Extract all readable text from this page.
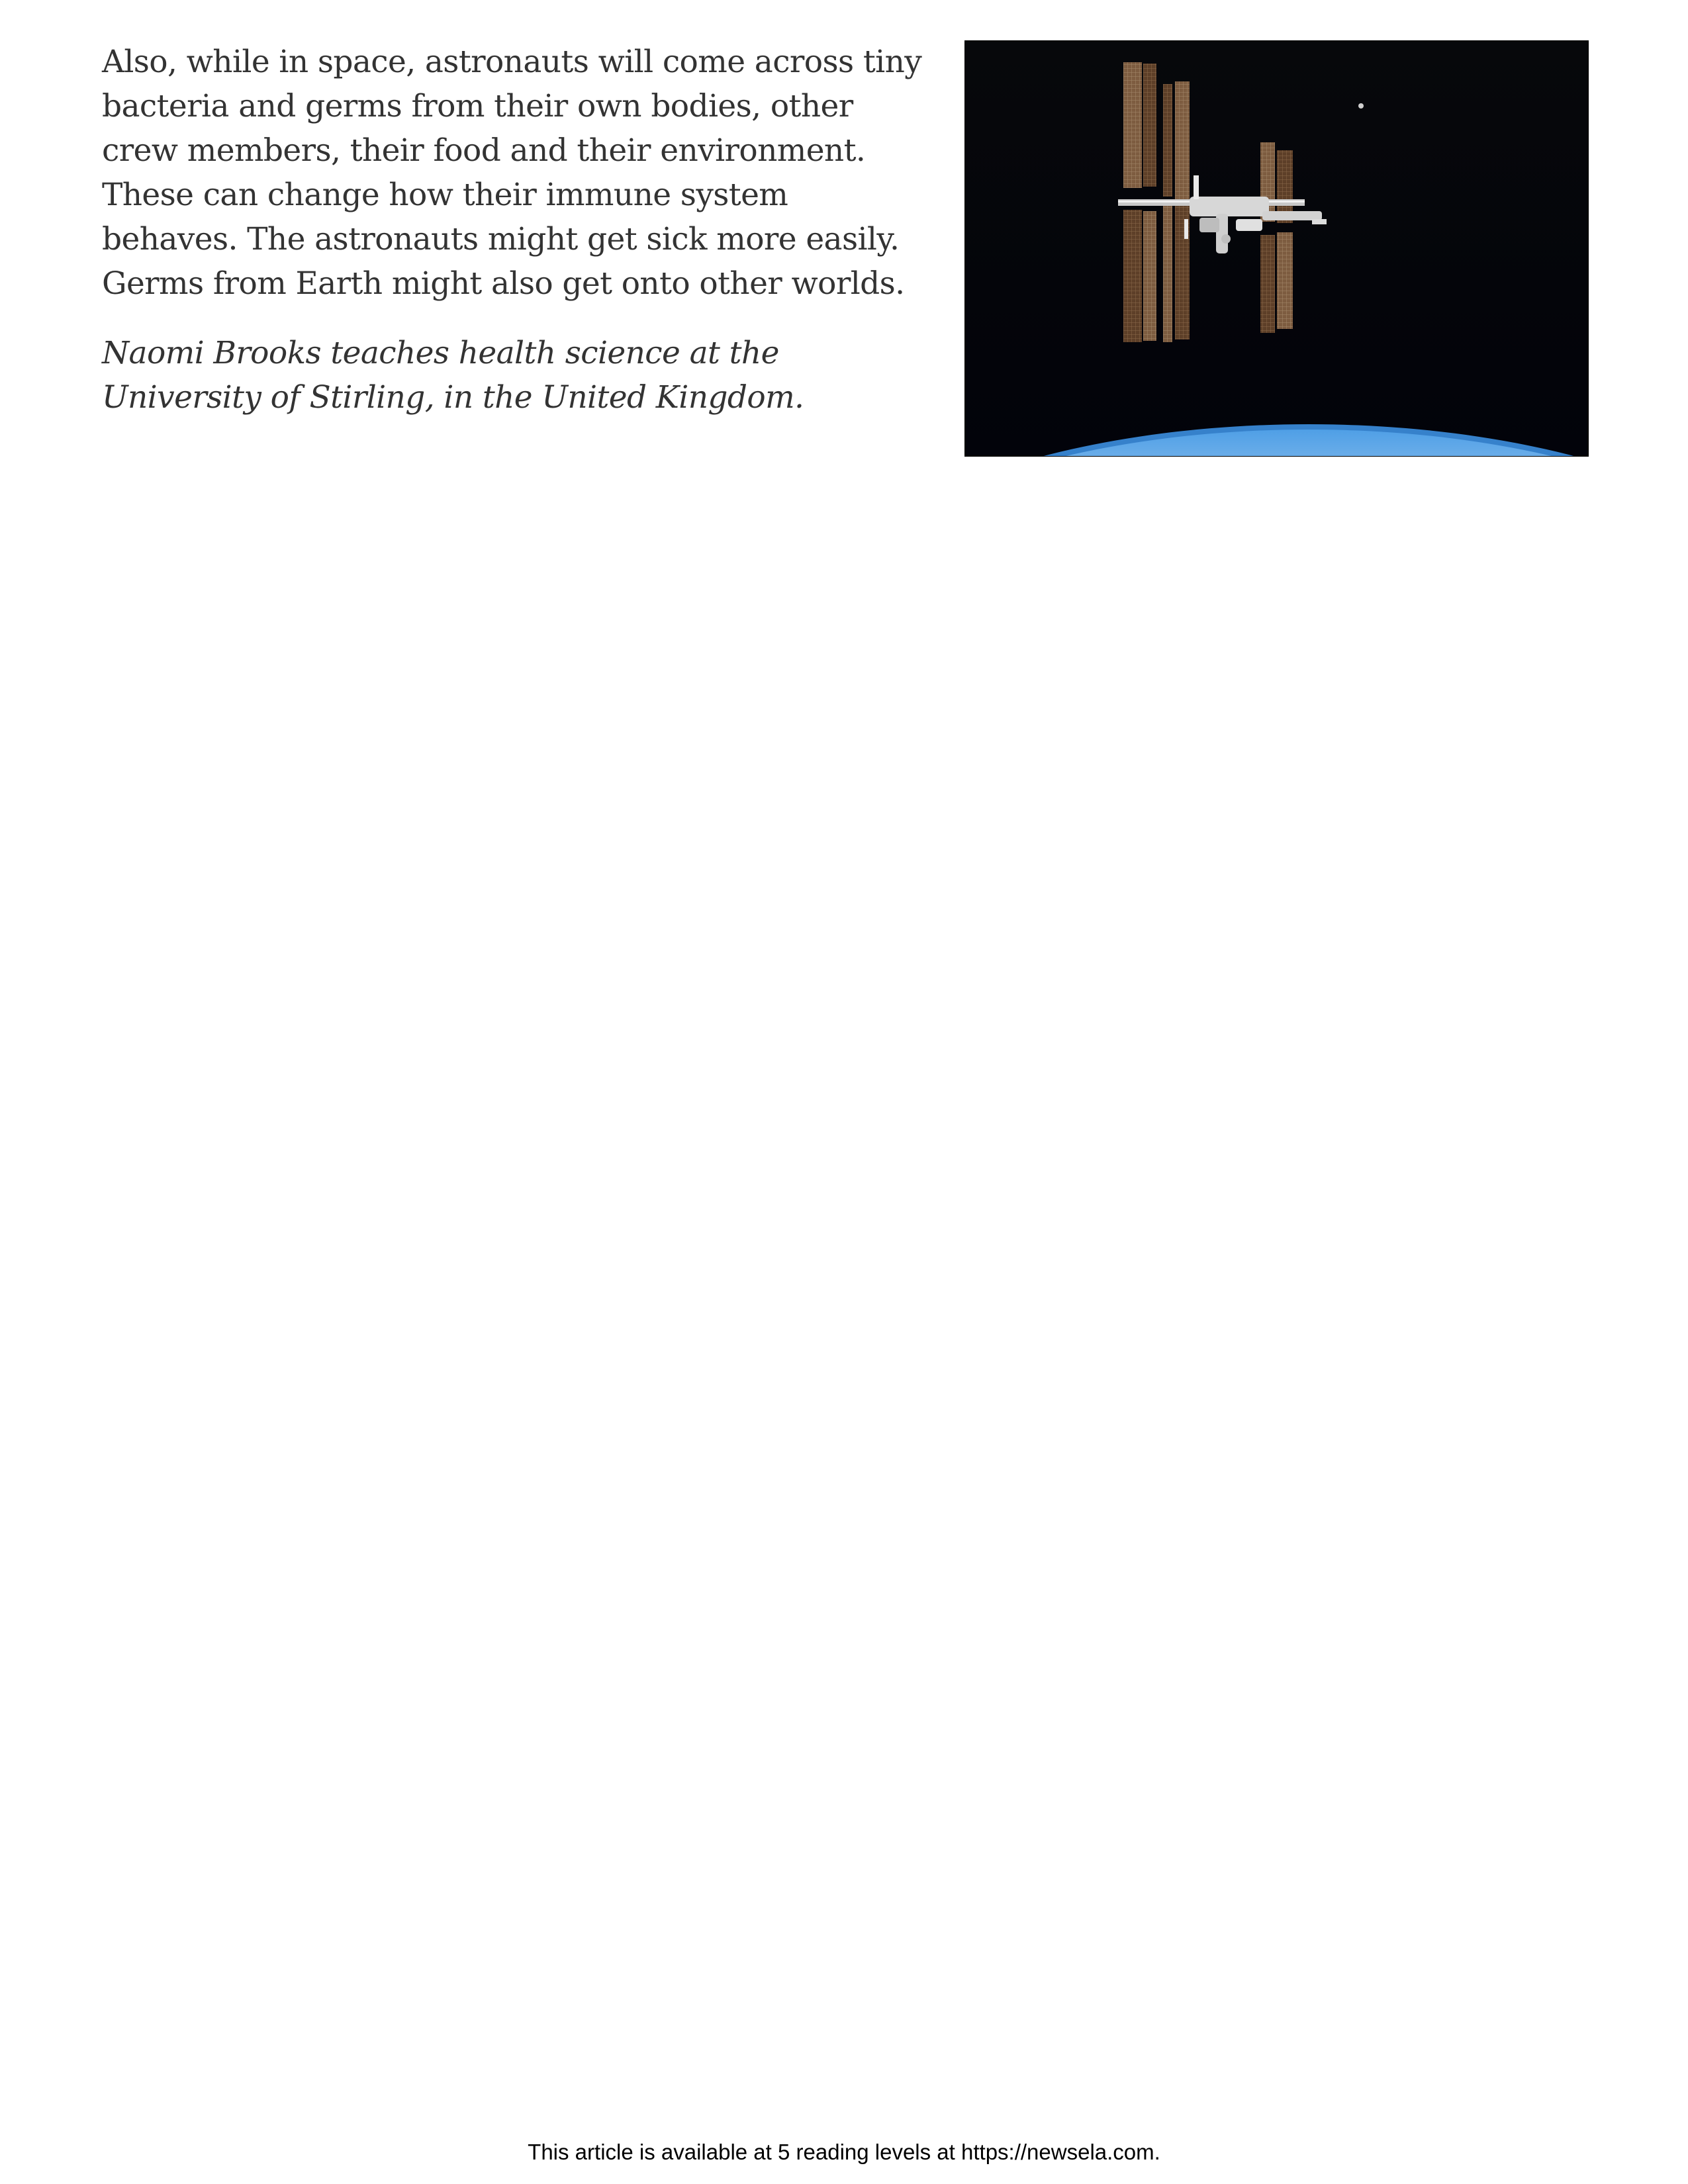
Also, while in space, astronauts will come across tiny bacteria and germs from their own bodies, other crew members, their food and their environment. These can change how their immune system behaves. The astronauts might get sick more easily. Germs from Earth might also get onto other worlds.

Naomi Brooks teaches health science at the University of Stirling, in the United Kingdom.

This article is available at 5 reading levels at https://newsela.com.
